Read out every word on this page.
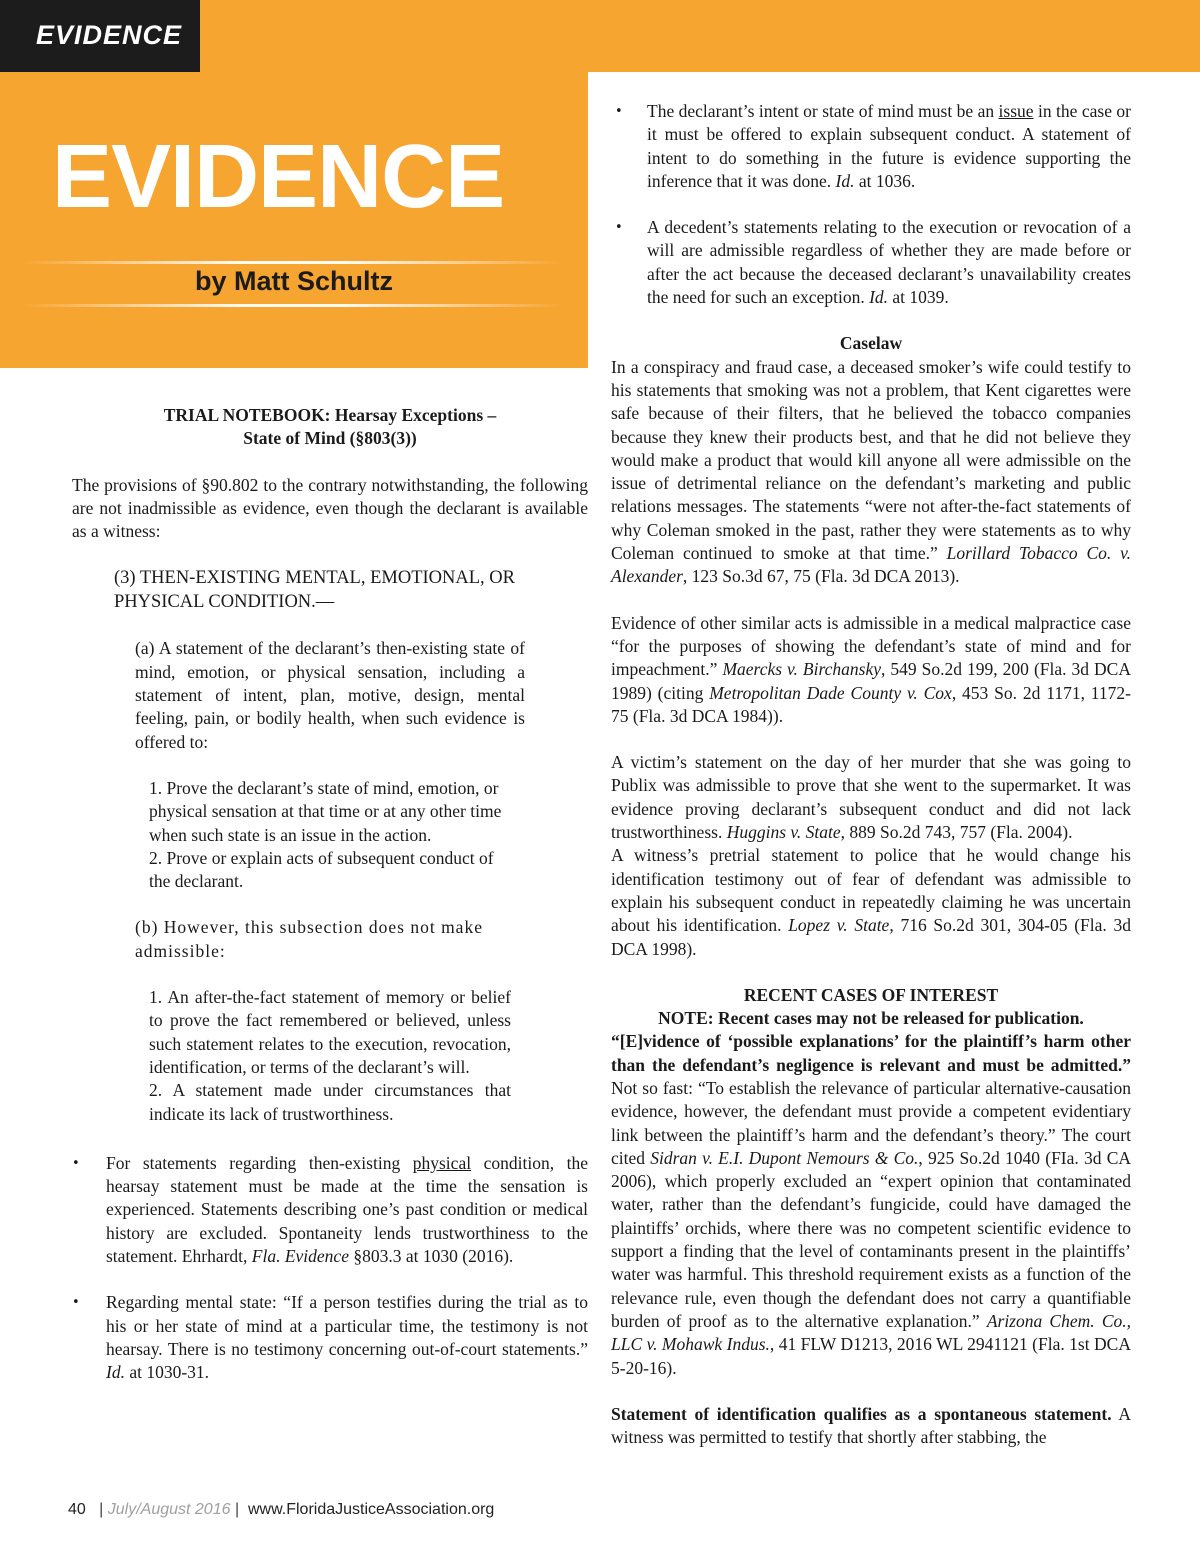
EVIDENCE
EVIDENCE
by Matt Schultz
TRIAL NOTEBOOK: Hearsay Exceptions –
State of Mind (§803(3))

The provisions of §90.802 to the contrary notwithstanding, the following are not inadmissible as evidence, even though the declarant is available as a witness:

(3) THEN-EXISTING MENTAL, EMOTIONAL, OR PHYSICAL CONDITION.—

(a) A statement of the declarant’s then-existing state of mind, emotion, or physical sensation, including a statement of intent, plan, motive, design, mental feeling, pain, or bodily health, when such evidence is offered to:

1. Prove the declarant’s state of mind, emotion, or physical sensation at that time or at any other time when such state is an issue in the action.

2. Prove or explain acts of subsequent conduct of the declarant.

(b) However, this subsection does not make admissible:

1. An after-the-fact statement of memory or belief to prove the fact remembered or believed, unless such statement relates to the execution, revocation, identification, or terms of the declarant’s will.

2. A statement made under circumstances that indicate its lack of trustworthiness.

• For statements regarding then-existing physical condition, the hearsay statement must be made at the time the sensation is experienced. Statements describing one’s past condition or medical history are excluded. Spontaneity lends trustworthiness to the statement. Ehrhardt, Fla. Evidence §803.3 at 1030 (2016).
• Regarding mental state: “If a person testifies during the trial as to his or her state of mind at a particular time, the testimony is not hearsay. There is no testimony concerning out-of-court statements.” Id. at 1030-31.
• The declarant’s intent or state of mind must be an issue in the case or it must be offered to explain subsequent conduct. A statement of intent to do something in the future is evidence supporting the inference that it was done. Id. at 1036.
• A decedent’s statements relating to the execution or revocation of a will are admissible regardless of whether they are made before or after the act because the deceased declarant’s unavailability creates the need for such an exception. Id. at 1039.
Caselaw

In a conspiracy and fraud case, a deceased smoker’s wife could testify to his statements that smoking was not a problem, that Kent cigarettes were safe because of their filters, that he believed the tobacco companies because they knew their products best, and that he did not believe they would make a product that would kill anyone all were admissible on the issue of detrimental reliance on the defendant’s marketing and public relations messages. The statements “were not after-the-fact statements of why Coleman smoked in the past, rather they were statements as to why Coleman continued to smoke at that time.” Lorillard Tobacco Co. v. Alexander, 123 So.3d 67, 75 (Fla. 3d DCA 2013).

Evidence of other similar acts is admissible in a medical malpractice case “for the purposes of showing the defendant’s state of mind and for impeachment.” Maercks v. Birchansky, 549 So.2d 199, 200 (Fla. 3d DCA 1989) (citing Metropolitan Dade County v. Cox, 453 So. 2d 1171, 1172-75 (Fla. 3d DCA 1984)).

A victim’s statement on the day of her murder that she was going to Publix was admissible to prove that she went to the supermarket. It was evidence proving declarant’s subsequent conduct and did not lack trustworthiness. Huggins v. State, 889 So.2d 743, 757 (Fla. 2004).

A witness’s pretrial statement to police that he would change his identification testimony out of fear of defendant was admissible to explain his subsequent conduct in repeatedly claiming he was uncertain about his identification. Lopez v. State, 716 So.2d 301, 304-05 (Fla. 3d DCA 1998).

RECENT CASES OF INTEREST
NOTE: Recent cases may not be released for publication.

“[E]vidence of ‘possible explanations’ for the plaintiff’s harm other than the defendant’s negligence is relevant and must be admitted.” Not so fast: “To establish the relevance of particular alternative-causation evidence, however, the defendant must provide a competent evidentiary link between the plaintiff’s harm and the defendant’s theory.” The court cited Sidran v. E.I. Dupont Nemours & Co., 925 So.2d 1040 (FIa. 3d CA 2006), which properly excluded an “expert opinion that contaminated water, rather than the defendant’s fungicide, could have damaged the plaintiffs’ orchids, where there was no competent scientific evidence to support a finding that the level of contaminants present in the plaintiffs’ water was harmful. This threshold requirement exists as a function of the relevance rule, even though the defendant does not carry a quantifiable burden of proof as to the alternative explanation.” Arizona Chem. Co., LLC v. Mohawk Indus., 41 FLW D1213, 2016 WL 2941121 (Fla. 1st DCA 5-20-16).

Statement of identification qualifies as a spontaneous statement. A witness was permitted to testify that shortly after stabbing, the

40 | July/August 2016 | www.FloridaJusticeAssociation.org
